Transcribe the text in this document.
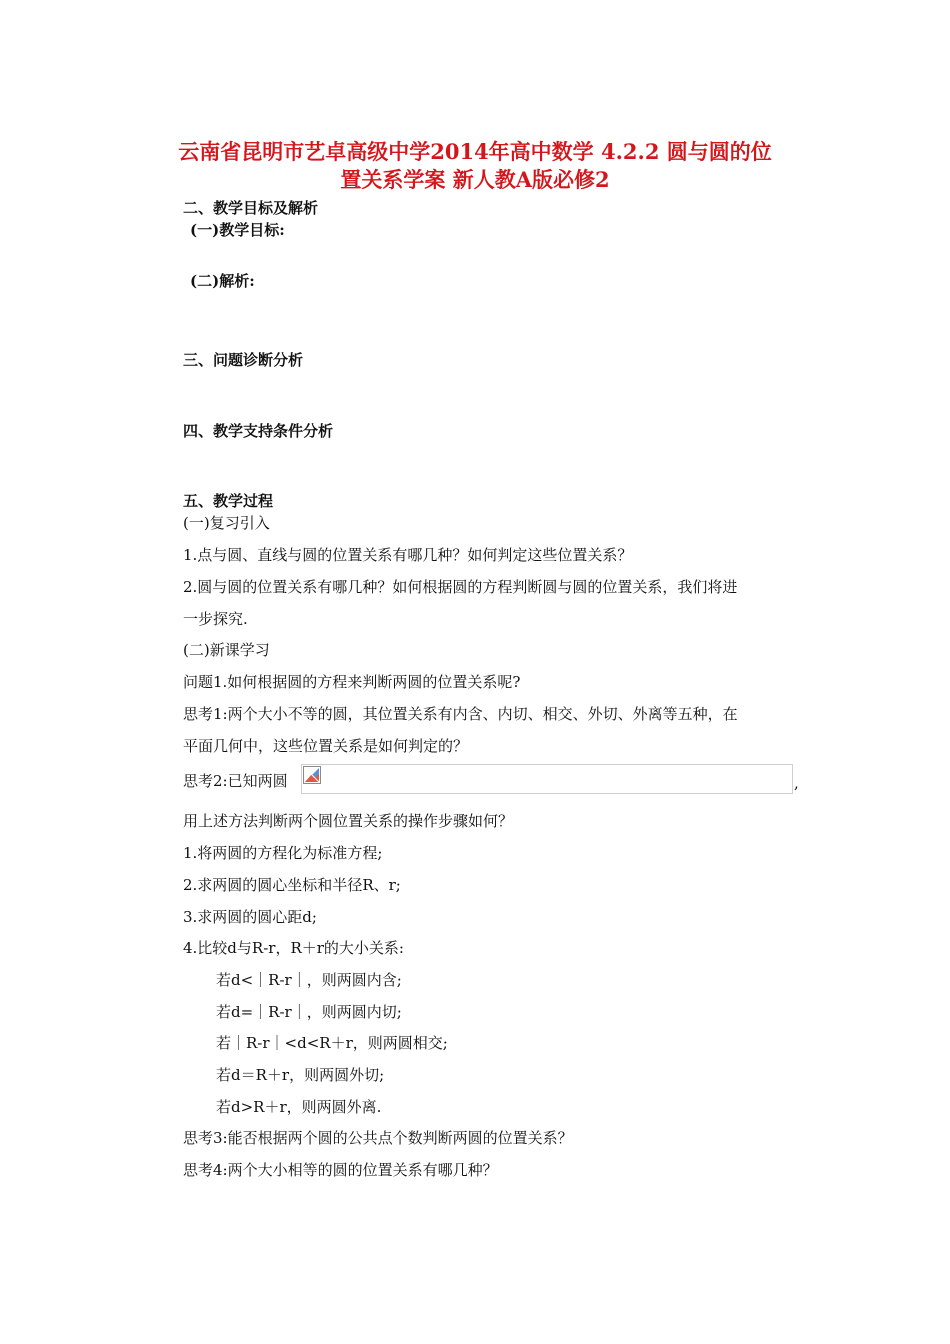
云南省昆明市艺卓高级中学2014年高中数学 4.2.2 圆与圆的位
置关系学案 新人教A版必修2
二、教学目标及解析
(一)教学目标:
(二)解析:
三、问题诊断分析
四、教学支持条件分析
五、教学过程
(一)复习引入
1.点与圆、直线与圆的位置关系有哪几种？如何判定这些位置关系？
2.圆与圆的位置关系有哪几种？如何根据圆的方程判断圆与圆的位置关系，我们将进
一步探究.
(二)新课学习
问题1.如何根据圆的方程来判断两圆的位置关系呢?
思考1:两个大小不等的圆，其位置关系有内含、内切、相交、外切、外离等五种，在
平面几何中，这些位置关系是如何判定的？
思考2:已知两圆	,
用上述方法判断两个圆位置关系的操作步骤如何？
1.将两圆的方程化为标准方程;
2.求两圆的圆心坐标和半径R、r;
3.求两圆的圆心距d;
4.比较d与R-r，R＋r的大小关系:
若d<｜R-r｜，则两圆内含;
若d=｜R-r｜，则两圆内切;
若｜R-r｜<d<R＋r，则两圆相交;
若d＝R＋r，则两圆外切;
若d>R＋r，则两圆外离.
思考3:能否根据两个圆的公共点个数判断两圆的位置关系？
思考4:两个大小相等的圆的位置关系有哪几种？
